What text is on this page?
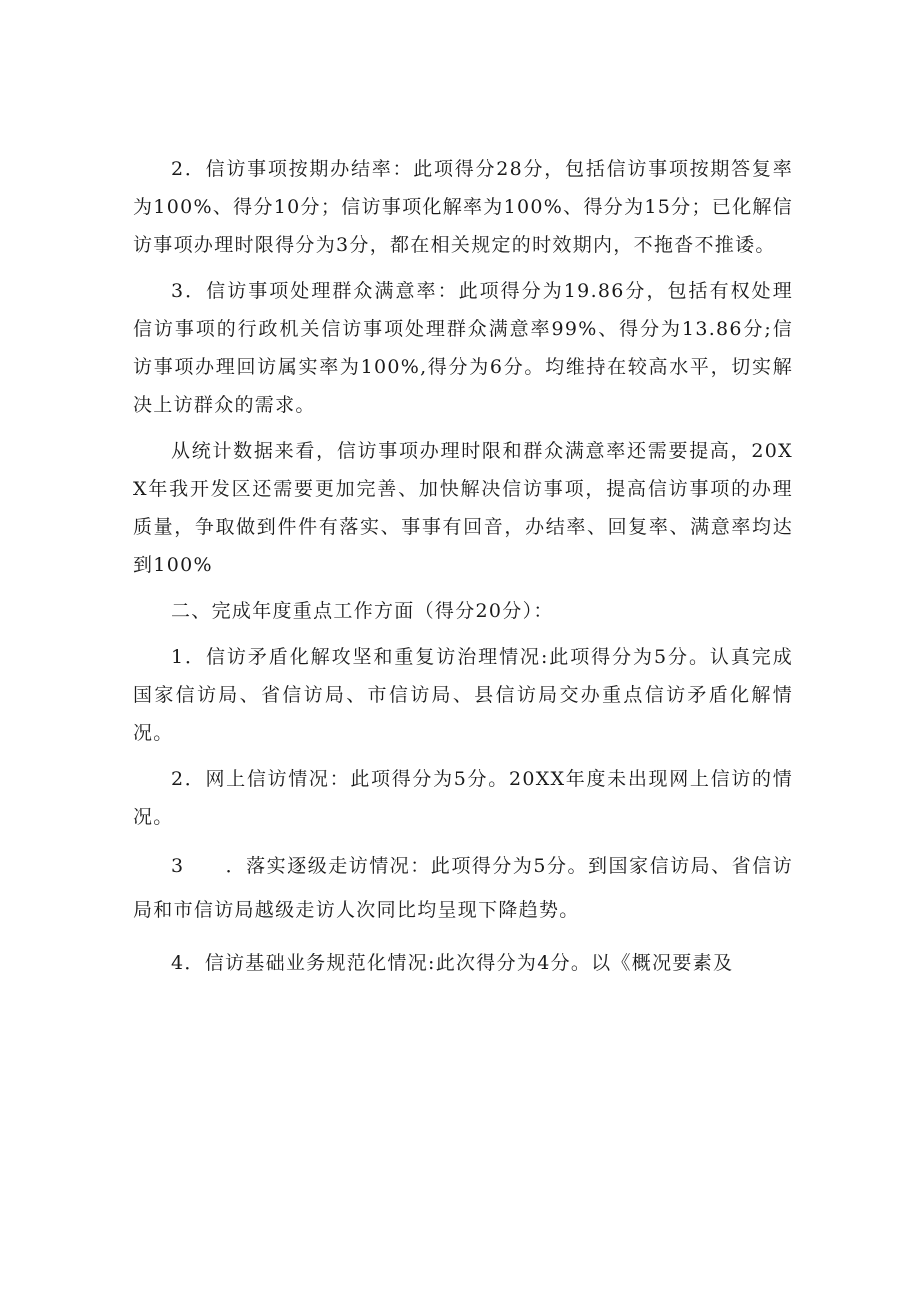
2．信访事项按期办结率：此项得分28分，包括信访事项按期答复率为100%、得分10分；信访事项化解率为100%、得分为15分；已化解信访事项办理时限得分为3分，都在相关规定的时效期内，不拖沓不推诿。

3．信访事项处理群众满意率：此项得分为19.86分，包括有权处理信访事项的行政机关信访事项处理群众满意率99%、得分为13.86分;信访事项办理回访属实率为100%,得分为6分。均维持在较高水平，切实解决上访群众的需求。

从统计数据来看，信访事项办理时限和群众满意率还需要提高，20XX年我开发区还需要更加完善、加快解决信访事项，提高信访事项的办理质量，争取做到件件有落实、事事有回音，办结率、回复率、满意率均达到100%

二、完成年度重点工作方面（得分20分）：

1．信访矛盾化解攻坚和重复访治理情况:此项得分为5分。认真完成国家信访局、省信访局、市信访局、县信访局交办重点信访矛盾化解情况。

2．网上信访情况：此项得分为5分。20XX年度未出现网上信访的情况。

3　　．落实逐级走访情况：此项得分为5分。到国家信访局、省信访局和市信访局越级走访人次同比均呈现下降趋势。

4．信访基础业务规范化情况:此次得分为4分。以《概况要素及
